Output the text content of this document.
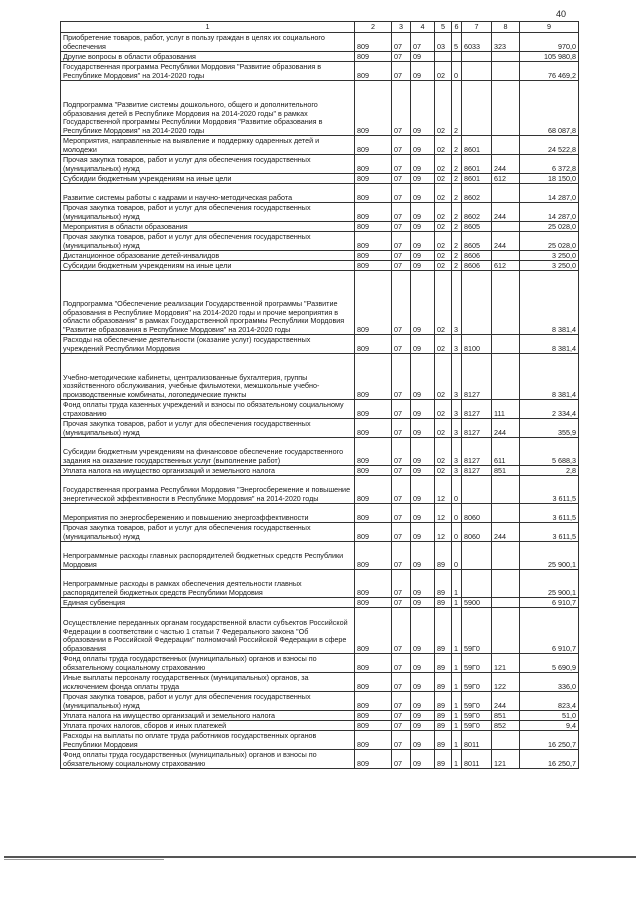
40
1	2	3	4	5	6	7	8	9
Приобретение товаров, работ, услуг в пользу граждан в целях их социального обеспечения	809	07	07	03	5	6033	323	970,0
Другие вопросы в области образования	809	07	09					105 980,8
Государственная программа Республики Мордовия "Развитие образования в Республике Мордовия" на 2014-2020 годы	809	07	09	02	0			76 469,2
Подпрограмма "Развитие системы дошкольного, общего и дополнительного образования детей в Республике Мордовия на 2014-2020 годы" в рамках Государственной программы Республики Мордовия "Развитие образования в Республике Мордовия" на 2014-2020 годы	809	07	09	02	2			68 087,8
Мероприятия, направленные на выявление и поддержку одаренных детей и молодежи	809	07	09	02	2	8601		24 522,8
Прочая закупка товаров, работ и услуг для обеспечения государственных (муниципальных) нужд	809	07	09	02	2	8601	244	6 372,8
Субсидии бюджетным учреждениям на иные цели	809	07	09	02	2	8601	612	18 150,0
Развитие системы работы с кадрами и научно-методическая работа	809	07	09	02	2	8602		14 287,0
Прочая закупка товаров, работ и услуг для обеспечения государственных (муниципальных) нужд	809	07	09	02	2	8602	244	14 287,0
Мероприятия в области образования	809	07	09	02	2	8605		25 028,0
Прочая закупка товаров, работ и услуг для обеспечения государственных (муниципальных) нужд	809	07	09	02	2	8605	244	25 028,0
Дистанционное образование детей-инвалидов	809	07	09	02	2	8606		3 250,0
Субсидии бюджетным учреждениям на иные цели	809	07	09	02	2	8606	612	3 250,0
Подпрограмма "Обеспечение реализации Государственной программы "Развитие образования в Республике Мордовия" на 2014-2020 годы и прочие мероприятия в области образования" в рамках Государственной программы Республики Мордовия "Развитие образования в Республике Мордовия" на 2014-2020 годы	809	07	09	02	3			8 381,4
Расходы на обеспечение деятельности (оказание услуг) государственных учреждений Республики Мордовия	809	07	09	02	3	8100		8 381,4
Учебно-методические кабинеты, централизованные бухгалтерия, группы хозяйственного обслуживания, учебные фильмотеки, межшкольные учебно-производственные комбинаты, логопедические пункты	809	07	09	02	3	8127		8 381,4
Фонд оплаты труда казенных учреждений и взносы по обязательному социальному страхованию	809	07	09	02	3	8127	111	2 334,4
Прочая закупка товаров, работ и услуг для обеспечения государственных (муниципальных) нужд	809	07	09	02	3	8127	244	355,9
Субсидии бюджетным учреждениям на финансовое обеспечение государственного задания на оказание государственных услуг (выполнение работ)	809	07	09	02	3	8127	611	5 688,3
Уплата налога на имущество организаций и земельного налога	809	07	09	02	3	8127	851	2,8
Государственная программа Республики Мордовия "Энергосбережение и повышение энергетической эффективности в Республике Мордовия" на 2014-2020 годы	809	07	09	12	0			3 611,5
Мероприятия по энергосбережению и повышению энергоэффективности	809	07	09	12	0	8060		3 611,5
Прочая закупка товаров, работ и услуг для обеспечения государственных (муниципальных) нужд	809	07	09	12	0	8060	244	3 611,5
Непрограммные расходы главных распорядителей бюджетных средств Республики Мордовия	809	07	09	89	0			25 900,1
Непрограммные расходы в рамках обеспечения деятельности главных распорядителей бюджетных средств Республики Мордовия	809	07	09	89	1			25 900,1
Единая субвенция	809	07	09	89	1	5900		6 910,7
Осуществление переданных органам государственной власти субъектов Российской Федерации в соответствии с частью 1 статьи 7 Федерального закона "Об образовании в Российской Федерации" полномочий Российской Федерации в сфере образования	809	07	09	89	1	59Г0		6 910,7
Фонд оплаты труда государственных (муниципальных) органов и взносы по обязательному социальному страхованию	809	07	09	89	1	59Г0	121	5 690,9
Иные выплаты персоналу государственных (муниципальных) органов, за исключением фонда оплаты труда	809	07	09	89	1	59Г0	122	336,0
Прочая закупка товаров, работ и услуг для обеспечения государственных (муниципальных) нужд	809	07	09	89	1	59Г0	244	823,4
Уплата налога на имущество организаций и земельного налога	809	07	09	89	1	59Г0	851	51,0
Уплата прочих налогов, сборов и иных платежей	809	07	09	89	1	59Г0	852	9,4
Расходы на выплаты по оплате труда работников государственных органов Республики Мордовия	809	07	09	89	1	8011		16 250,7
Фонд оплаты труда государственных (муниципальных) органов и взносы по обязательному социальному страхованию	809	07	09	89	1	8011	121	16 250,7
